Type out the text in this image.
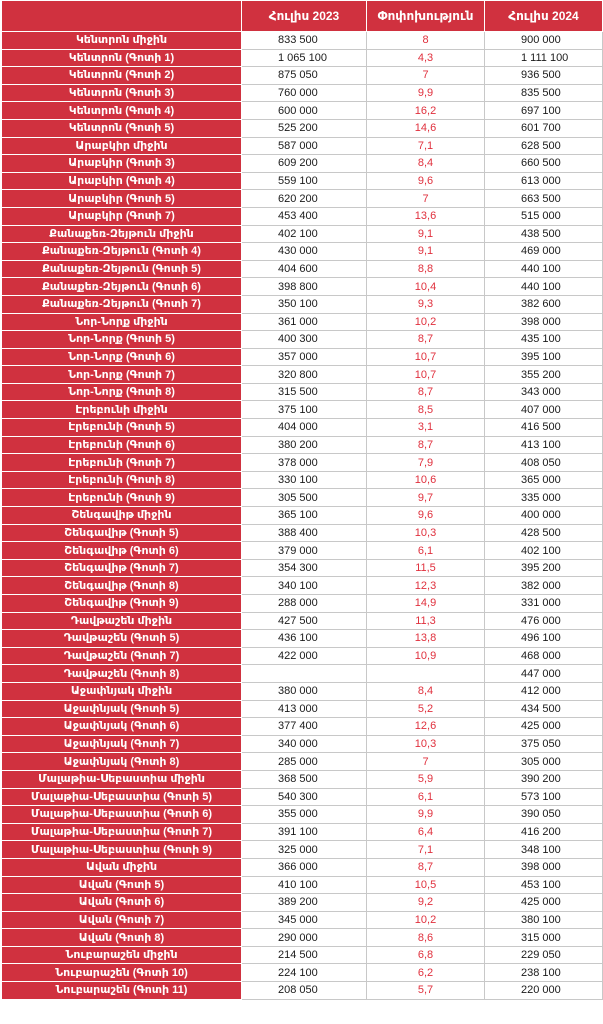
	Հուլիս 2023	Փոփոխություն	Հուլիս 2024
Կենտրոն միջին	833 500	8	900 000
Կենտրոն (Գոտի 1)	1 065 100	4,3	1 111 100
Կենտրոն (Գոտի 2)	875 050	7	936 500
Կենտրոն (Գոտի 3)	760 000	9,9	835 500
Կենտրոն (Գոտի 4)	600 000	16,2	697 100
Կենտրոն (Գոտի 5)	525 200	14,6	601 700
Արաբկիր միջին	587 000	7,1	628 500
Արաբկիր (Գոտի 3)	609 200	8,4	660 500
Արաբկիր (Գոտի 4)	559 100	9,6	613 000
Արաբկիր (Գոտի 5)	620 200	7	663 500
Արաբկիր (Գոտի 7)	453 400	13,6	515 000
Քանաքեռ-Զեյթուն միջին	402 100	9,1	438 500
Քանաքեռ-Զեյթուն (Գոտի 4)	430 000	9,1	469 000
Քանաքեռ-Զեյթուն (Գոտի 5)	404 600	8,8	440 100
Քանաքեռ-Զեյթուն (Գոտի 6)	398 800	10,4	440 100
Քանաքեռ-Զեյթուն (Գոտի 7)	350 100	9,3	382 600
Նոր-Նորք միջին	361 000	10,2	398 000
Նոր-Նորք (Գոտի 5)	400 300	8,7	435 100
Նոր-Նորք (Գոտի 6)	357 000	10,7	395 100
Նոր-Նորք (Գոտի 7)	320 800	10,7	355 200
Նոր-Նորք (Գոտի 8)	315 500	8,7	343 000
Էրեբունի միջին	375 100	8,5	407 000
Էրեբունի (Գոտի 5)	404 000	3,1	416 500
Էրեբունի (Գոտի 6)	380 200	8,7	413 100
Էրեբունի (Գոտի 7)	378 000	7,9	408 050
Էրեբունի (Գոտի 8)	330 100	10,6	365 000
Էրեբունի (Գոտի 9)	305 500	9,7	335 000
Շենգավիթ միջին	365 100	9,6	400 000
Շենգավիթ (Գոտի 5)	388 400	10,3	428 500
Շենգավիթ (Գոտի 6)	379 000	6,1	402 100
Շենգավիթ (Գոտի 7)	354 300	11,5	395 200
Շենգավիթ (Գոտի 8)	340 100	12,3	382 000
Շենգավիթ (Գոտի 9)	288 000	14,9	331 000
Դավթաշեն միջին	427 500	11,3	476 000
Դավթաշեն (Գոտի 5)	436 100	13,8	496 100
Դավթաշեն (Գոտի 7)	422 000	10,9	468 000
Դավթաշեն (Գոտի 8)			447 000
Աջափնյակ միջին	380 000	8,4	412 000
Աջափնյակ (Գոտի 5)	413 000	5,2	434 500
Աջափնյակ (Գոտի 6)	377 400	12,6	425 000
Աջափնյակ (Գոտի 7)	340 000	10,3	375 050
Աջափնյակ (Գոտի 8)	285 000	7	305 000
Մալաթիա-Սեբաստիա միջին	368 500	5,9	390 200
Մալաթիա-Սեբաստիա (Գոտի 5)	540 300	6,1	573 100
Մալաթիա-Սեբաստիա (Գոտի 6)	355 000	9,9	390 050
Մալաթիա-Սեբաստիա (Գոտի 7)	391 100	6,4	416 200
Մալաթիա-Սեբաստիա (Գոտի 9)	325 000	7,1	348 100
Ավան միջին	366 000	8,7	398 000
Ավան (Գոտի 5)	410 100	10,5	453 100
Ավան (Գոտի 6)	389 200	9,2	425 000
Ավան (Գոտի 7)	345 000	10,2	380 100
Ավան (Գոտի 8)	290 000	8,6	315 000
Նուբարաշեն միջին	214 500	6,8	229 050
Նուբարաշեն (Գոտի 10)	224 100	6,2	238 100
Նուբարաշեն (Գոտի 11)	208 050	5,7	220 000
